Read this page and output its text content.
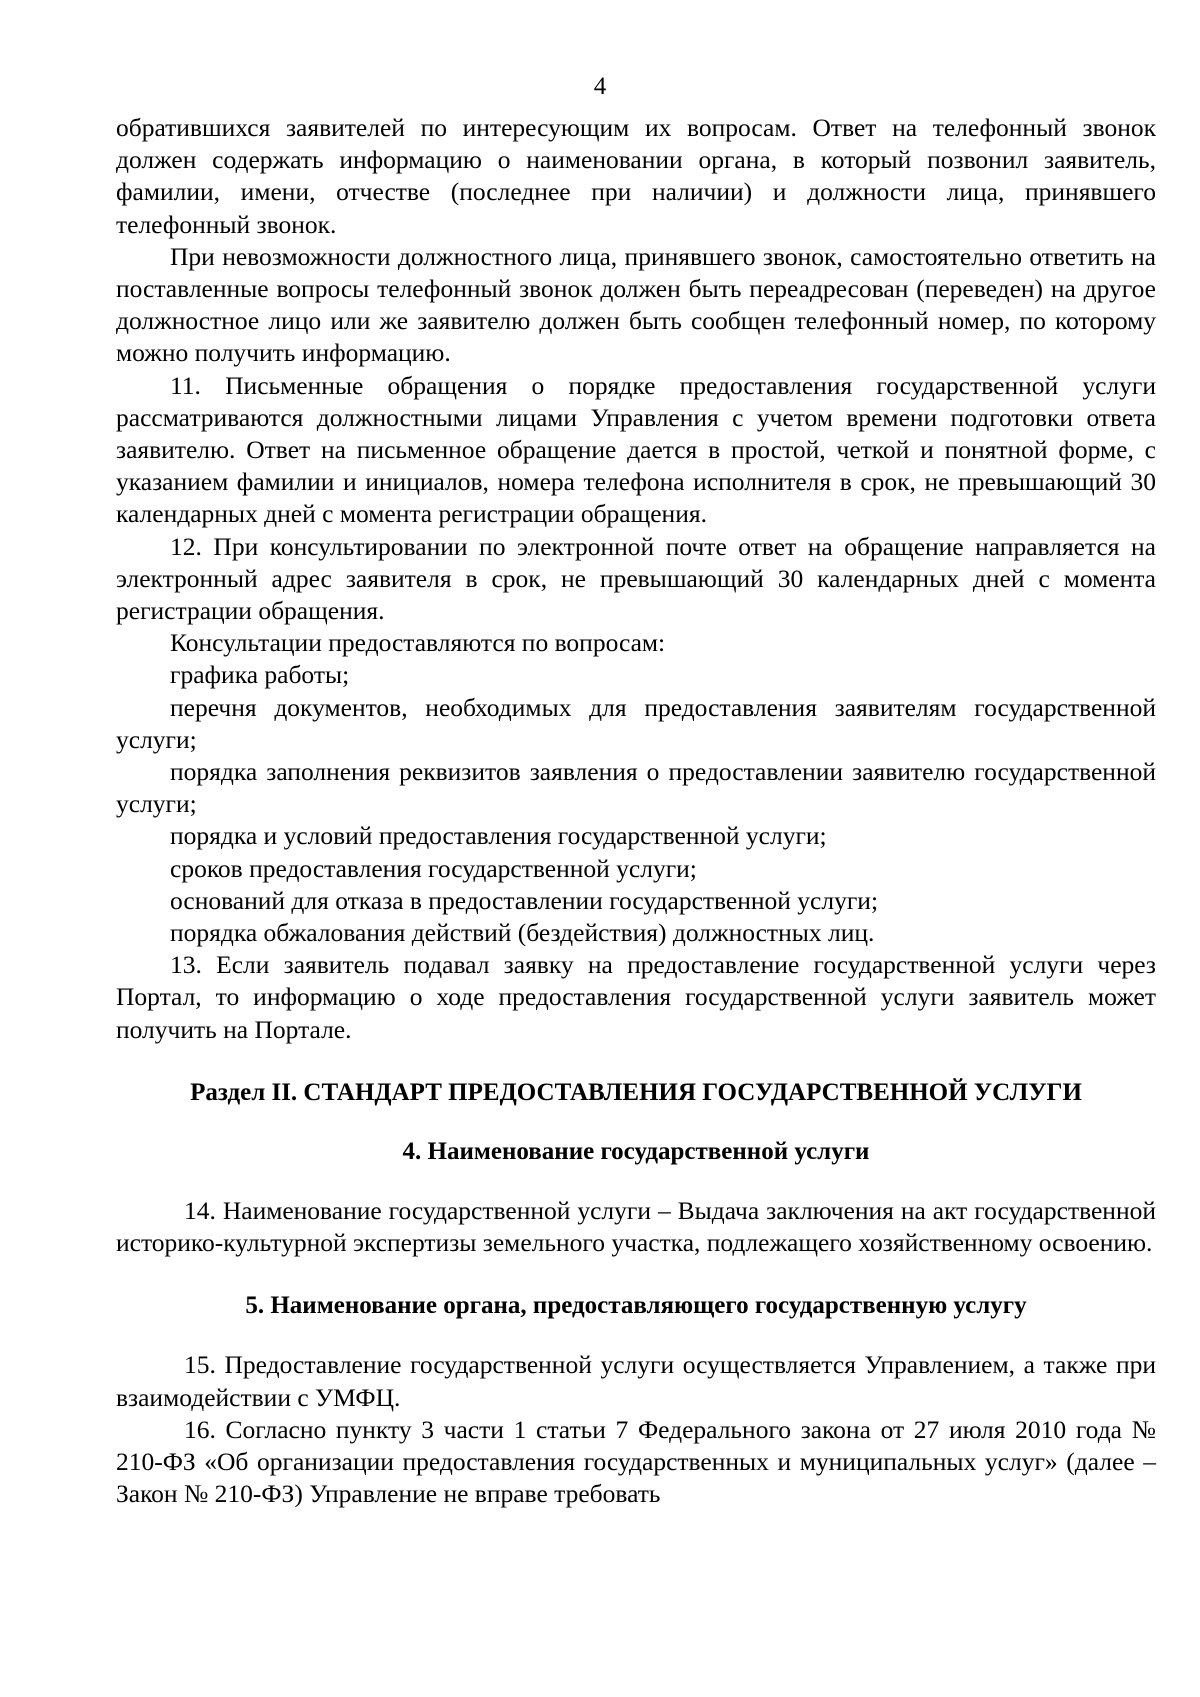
4

обратившихся заявителей по интересующим их вопросам. Ответ на телефонный звонок должен содержать информацию о наименовании органа, в который позвонил заявитель, фамилии, имени, отчестве (последнее при наличии) и должности лица, принявшего телефонный звонок.

При невозможности должностного лица, принявшего звонок, самостоятельно ответить на поставленные вопросы телефонный звонок должен быть переадресован (переведен) на другое должностное лицо или же заявителю должен быть сообщен телефонный номер, по которому можно получить информацию.

11. Письменные обращения о порядке предоставления государственной услуги рассматриваются должностными лицами Управления с учетом времени подготовки ответа заявителю. Ответ на письменное обращение дается в простой, четкой и понятной форме, с указанием фамилии и инициалов, номера телефона исполнителя в срок, не превышающий 30 календарных дней с момента регистрации обращения.

12. При консультировании по электронной почте ответ на обращение направляется на электронный адрес заявителя в срок, не превышающий 30 календарных дней с момента регистрации обращения.

Консультации предоставляются по вопросам:

графика работы;

перечня документов, необходимых для предоставления заявителям государственной услуги;

порядка заполнения реквизитов заявления о предоставлении заявителю государственной услуги;

порядка и условий предоставления государственной услуги;

сроков предоставления государственной услуги;

оснований для отказа в предоставлении государственной услуги;

порядка обжалования действий (бездействия) должностных лиц.

13. Если заявитель подавал заявку на предоставление государственной услуги через Портал, то информацию о ходе предоставления государственной услуги заявитель может получить на Портале.

Раздел II. СТАНДАРТ ПРЕДОСТАВЛЕНИЯ ГОСУДАРСТВЕННОЙ УСЛУГИ
4. Наименование государственной услуги

14. Наименование государственной услуги – Выдача заключения на акт государственной историко-культурной экспертизы земельного участка, подлежащего хозяйственному освоению.

5. Наименование органа, предоставляющего государственную услугу

15. Предоставление государственной услуги осуществляется Управлением, а также при взаимодействии с УМФЦ.

16. Согласно пункту 3 части 1 статьи 7 Федерального закона от 27 июля 2010 года № 210-ФЗ «Об организации предоставления государственных и муниципальных услуг» (далее – Закон № 210-ФЗ) Управление не вправе требовать
